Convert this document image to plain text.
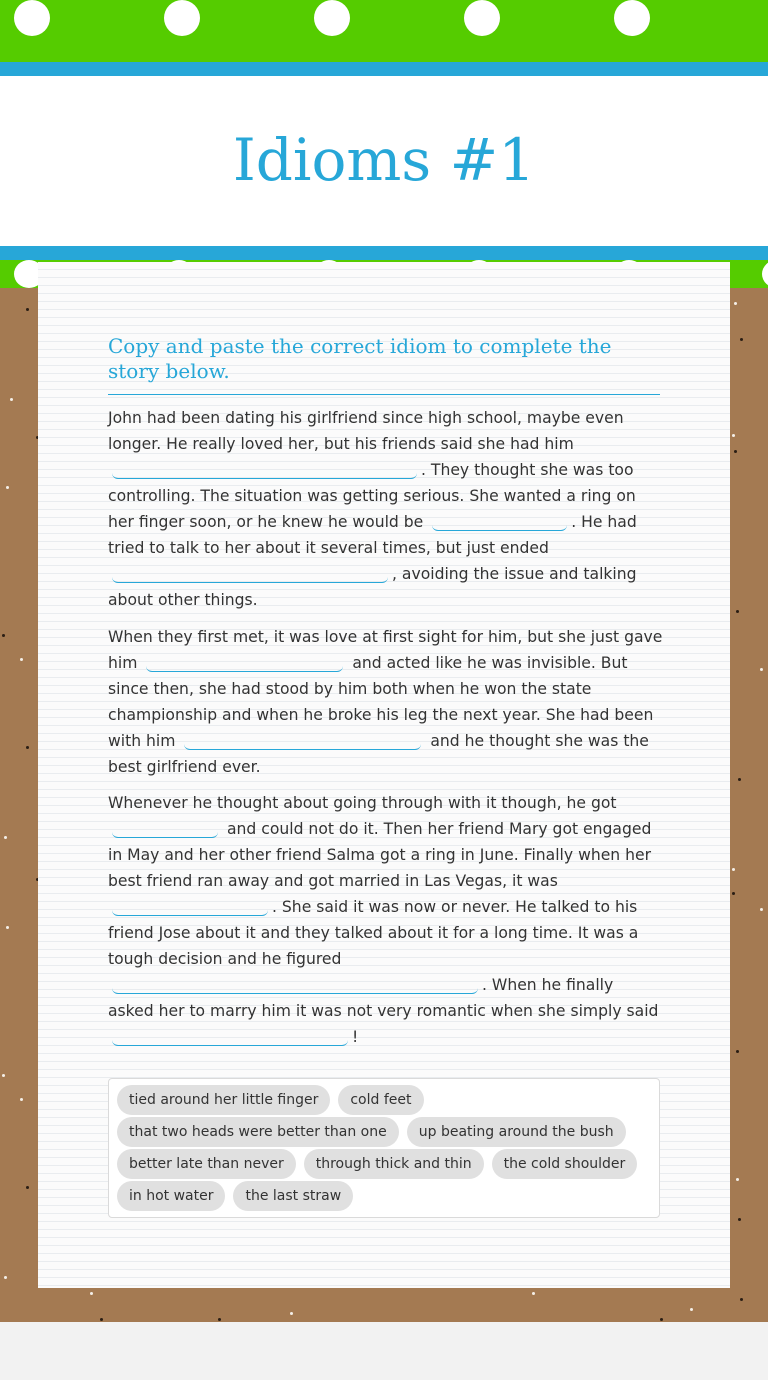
Idioms #1
Copy and paste the correct idiom to complete the story below.

John had been dating his girlfriend since high school, maybe even longer. He really loved her, but his friends said she had him . They thought she was too controlling. The situation was getting serious. She wanted a ring on her finger soon, or he knew he would be	. He had tried to talk to her about it several times, but just ended , avoiding the issue and talking about other things.

When they first met, it was love at first sight for him, but she just gave him	and acted like he was invisible. But since then, she had stood by him both when he won the state championship and when he broke his leg the next year. She had been with him	and he thought she was the best girlfriend ever.

Whenever he thought about going through with it though, he got  and could not do it. Then her friend Mary got engaged in May and her other friend Salma got a ring in June. Finally when her best friend ran away and got married in Las Vegas, it was . She said it was now or never. He talked to his friend Jose about it and they talked about it for a long time. It was a tough decision and he figured . When he finally asked her to marry him it was not very romantic when she simply said !

tied around her little finger	cold feet
that two heads were better than one	up beating around the bush
better late than never	through thick and thin	the cold shoulder
in hot water	the last straw
